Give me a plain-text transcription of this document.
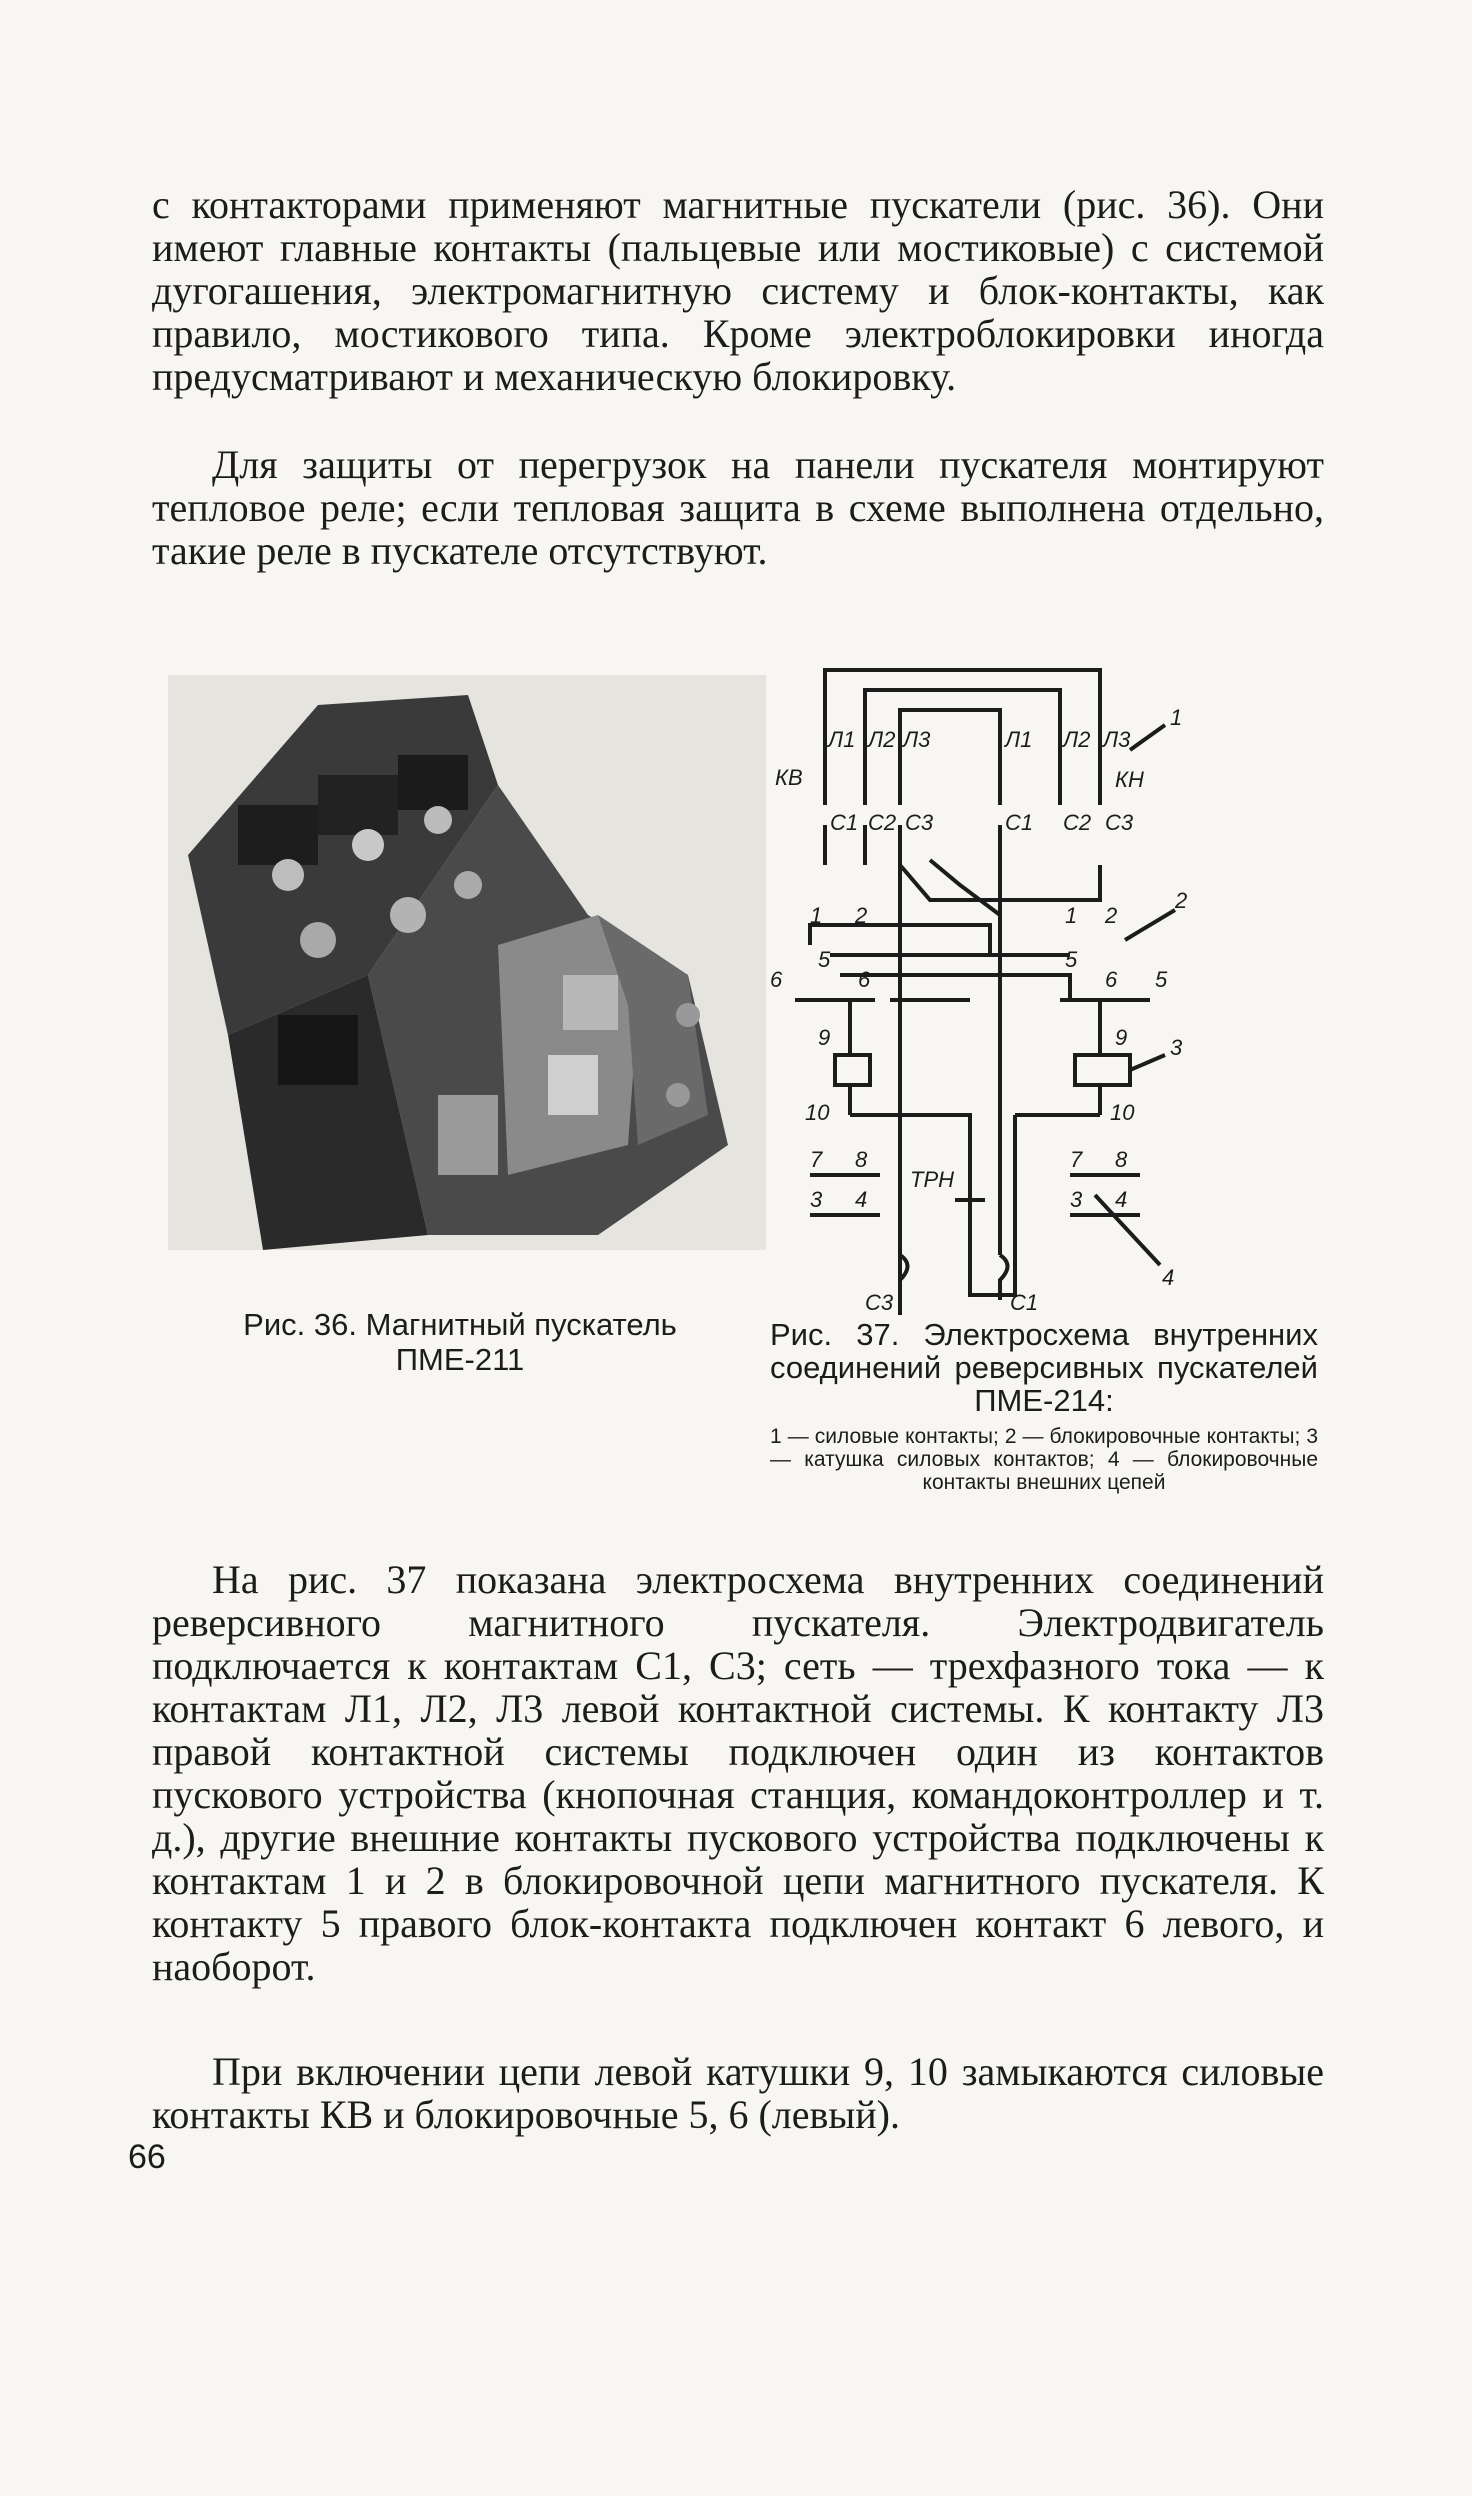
с контакторами применяют магнитные пускатели (рис. 36). Они имеют главные контакты (пальцевые или мостиковые) с системой дугогашения, электромагнитную систему и блок-контакты, как правило, мостикового типа. Кроме электроблокировки иногда предусматривают и механическую блокировку.

Для защиты от перегрузок на панели пускателя монтируют тепловое реле; если тепловая защита в схеме выполнена отдельно, такие реле в пускателе отсутствуют.

Рис. 36. Магнитный пускатель
ПМЕ-211
Л1 Л2 Л3	Л1 Л2 Л3
КВ	КН
С1 С2 С3	С1 С2 С3
1
2
3
4
1 2	1 2
6
5
6
5
6 5
9	9
10	10
7 8	7 8
3 4	3 4
ТРН
С3	С1
Рис. 37. Электросхема внутренних соединений реверсивных пускателей ПМЕ-214:
1 — силовые контакты; 2 — блокировочные контакты; 3 — катушка силовых контактов; 4 — блокировочные контакты внешних цепей

На рис. 37 показана электросхема внутренних соединений реверсивного магнитного пускателя. Электродвигатель подключается к контактам С1, С3; сеть — трехфазного тока — к контактам Л1, Л2, Л3 левой контактной системы. К контакту Л3 правой контактной системы подключен один из контактов пускового устройства (кнопочная станция, командоконтроллер и т. д.), другие внешние контакты пускового устройства подключены к контактам 1 и 2 в блокировочной цепи магнитного пускателя. К контакту 5 правого блок-контакта подключен контакт 6 левого, и наоборот.

При включении цепи левой катушки 9, 10 замыкаются силовые контакты КВ и блокировочные 5, 6 (левый).

66
